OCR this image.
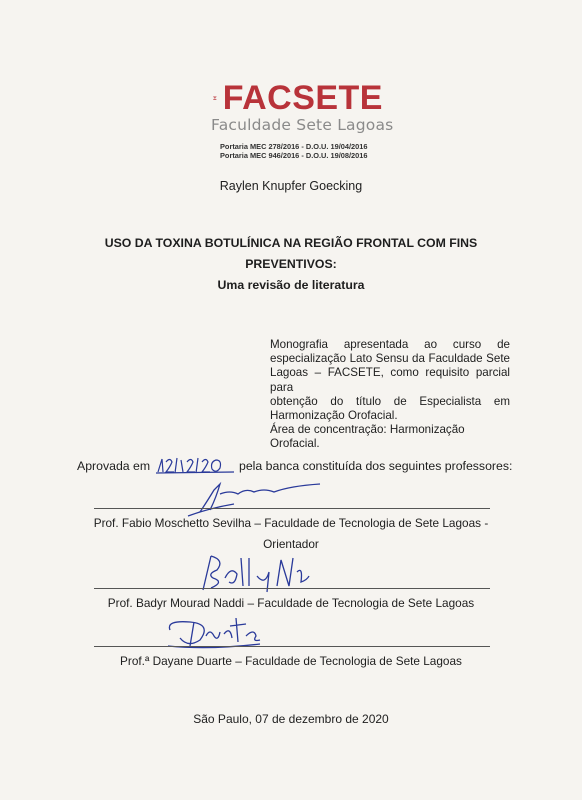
FACSETE
Faculdade Sete Lagoas
Portaria MEC 278/2016 - D.O.U. 19/04/2016
Portaria MEC 946/2016 - D.O.U. 19/08/2016
Raylen Knupfer Goecking
USO DA TOXINA BOTULÍNICA NA REGIÃO FRONTAL COM FINS
PREVENTIVOS:
Uma revisão de literatura
Monografia apresentada ao curso de
especialização Lato Sensu da Faculdade Sete
Lagoas – FACSETE, como requisito parcial para
obtenção do título de Especialista em
Harmonização Orofacial.
Área de concentração: Harmonização Orofacial.
Aprovada em	pela banca constituída dos seguintes professores:
Prof. Fabio Moschetto Sevilha – Faculdade de Tecnologia de Sete Lagoas -
Orientador
Prof. Badyr Mourad Naddi – Faculdade de Tecnologia de Sete Lagoas
Prof.ª Dayane Duarte – Faculdade de Tecnologia de Sete Lagoas
São Paulo, 07 de dezembro de 2020
